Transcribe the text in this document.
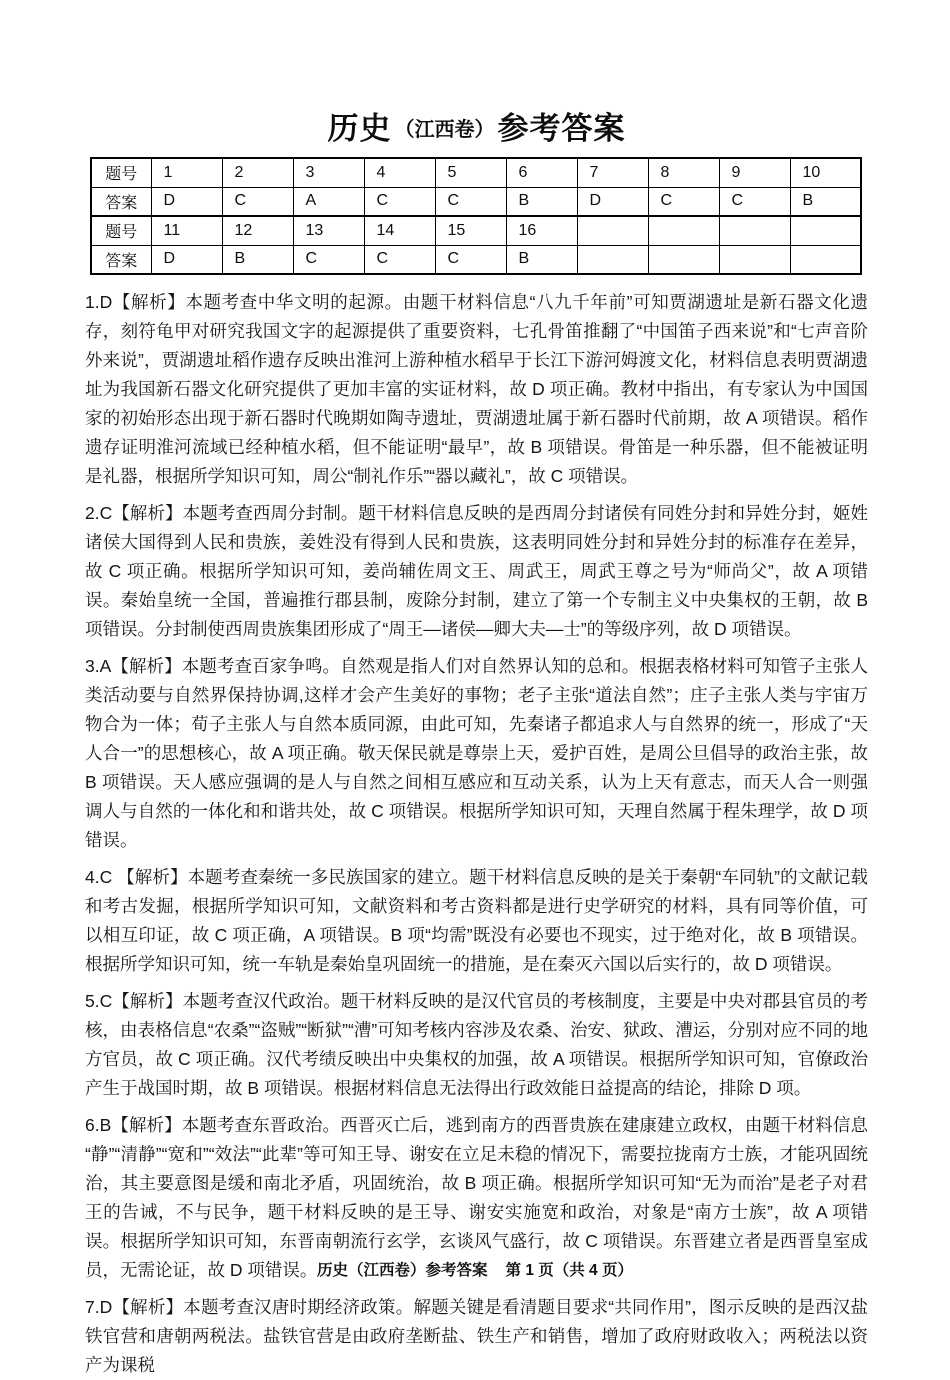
历史 （江西卷）参考答案
题号	1	2	3	4	5	6	7	8	9	10
答案	D	C	A	C	C	B	D	C	C	B
题号	11	12	13	14	15	16				
答案	D	B	C	C	C	B				

1.D【解析】本题考查中华文明的起源。由题干材料信息“八九千年前”可知贾湖遗址是新石器文化遗存，刻符龟甲对研究我国文字的起源提供了重要资料，七孔骨笛推翻了“中国笛子西来说”和“七声音阶外来说”，贾湖遗址稻作遗存反映出淮河上游种植水稻早于长江下游河姆渡文化，材料信息表明贾湖遗址为我国新石器文化研究提供了更加丰富的实证材料，故 D 项正确。教材中指出，有专家认为中国国家的初始形态出现于新石器时代晚期如陶寺遗址，贾湖遗址属于新石器时代前期，故 A 项错误。稻作遗存证明淮河流域已经种植水稻，但不能证明“最早”，故 B 项错误。骨笛是一种乐器，但不能被证明是礼器，根据所学知识可知，周公“制礼作乐”“器以藏礼”，故 C 项错误。

2.C【解析】本题考查西周分封制。题干材料信息反映的是西周分封诸侯有同姓分封和异姓分封，姬姓诸侯大国得到人民和贵族，姜姓没有得到人民和贵族，这表明同姓分封和异姓分封的标准存在差异，故 C 项正确。根据所学知识可知，姜尚辅佐周文王、周武王，周武王尊之号为“师尚父”，故 A 项错误。秦始皇统一全国，普遍推行郡县制，废除分封制，建立了第一个专制主义中央集权的王朝，故 B 项错误。分封制使西周贵族集团形成了“周王—诸侯—卿大夫—士”的等级序列，故 D 项错误。

3.A【解析】本题考查百家争鸣。自然观是指人们对自然界认知的总和。根据表格材料可知管子主张人类活动要与自然界保持协调,这样才会产生美好的事物；老子主张“道法自然”；庄子主张人类与宇宙万物合为一体；荀子主张人与自然本质同源，由此可知，先秦诸子都追求人与自然界的统一，形成了“天人合一”的思想核心，故 A 项正确。敬天保民就是尊崇上天，爱护百姓，是周公旦倡导的政治主张，故 B 项错误。天人感应强调的是人与自然之间相互感应和互动关系，认为上天有意志，而天人合一则强调人与自然的一体化和和谐共处，故 C 项错误。根据所学知识可知，天理自然属于程朱理学，故 D 项错误。

4.C 【解析】本题考查秦统一多民族国家的建立。题干材料信息反映的是关于秦朝“车同轨”的文献记载和考古发掘，根据所学知识可知，文献资料和考古资料都是进行史学研究的材料，具有同等价值，可以相互印证，故 C 项正确，A 项错误。B 项“均需”既没有必要也不现实，过于绝对化，故 B 项错误。根据所学知识可知，统一车轨是秦始皇巩固统一的措施，是在秦灭六国以后实行的，故 D 项错误。

5.C【解析】本题考查汉代政治。题干材料反映的是汉代官员的考核制度，主要是中央对郡县官员的考核，由表格信息“农桑”“盗贼”“断狱”“漕”可知考核内容涉及农桑、治安、狱政、漕运，分别对应不同的地方官员，故 C 项正确。汉代考绩反映出中央集权的加强，故 A 项错误。根据所学知识可知，官僚政治产生于战国时期，故 B 项错误。根据材料信息无法得出行政效能日益提高的结论，排除 D 项。

6.B【解析】本题考查东晋政治。西晋灭亡后，逃到南方的西晋贵族在建康建立政权，由题干材料信息“静”“清静”“宽和”“效法”“此辈”等可知王导、谢安在立足未稳的情况下，需要拉拢南方士族，才能巩固统治，其主要意图是缓和南北矛盾，巩固统治，故 B 项正确。根据所学知识可知“无为而治”是老子对君王的告诫，不与民争，题干材料反映的是王导、谢安实施宽和政治，对象是“南方士族”，故 A 项错误。根据所学知识可知，东晋南朝流行玄学，玄谈风气盛行，故 C 项错误。东晋建立者是西晋皇室成员，无需论证，故 D 项错误。

7.D【解析】本题考查汉唐时期经济政策。解题关键是看清题目要求“共同作用”，图示反映的是西汉盐铁官营和唐朝两税法。盐铁官营是由政府垄断盐、铁生产和销售，增加了政府财政收入；两税法以资产为课税

历史（江西卷）参考答案 第 1 页（共 4 页）
